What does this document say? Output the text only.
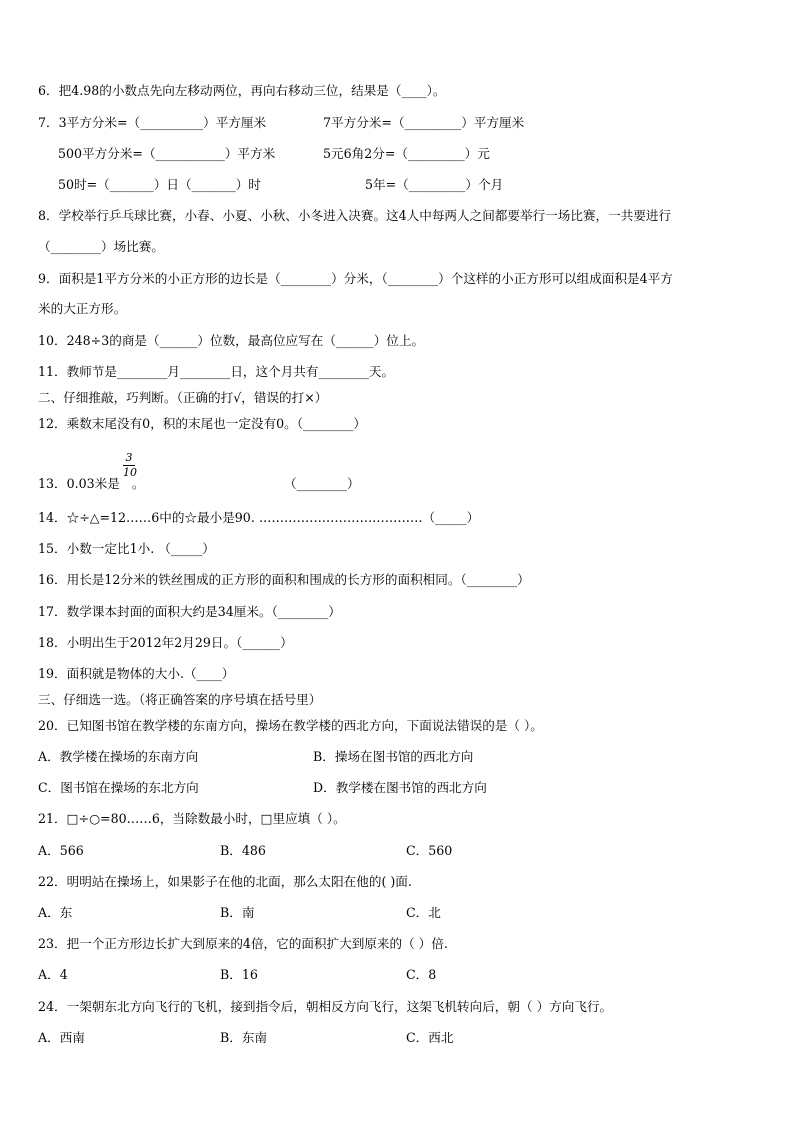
6．把4.98的小数点先向左移动两位，再向右移动三位，结果是（____）。
7．3平方分米=（__________）平方厘米	7平方分米=（_________）平方厘米
500平方分米=（___________）平方米	5元6角2分=（_________）元
50时=（_______）日（_______）时	5年=（_________）个月
8．学校举行乒乓球比赛，小春、小夏、小秋、小冬进入决赛。这4人中每两人之间都要举行一场比赛，一共要进行
（________）场比赛。
9．面积是1平方分米的小正方形的边长是（________）分米，（________）个这样的小正方形可以组成面积是4平方
米的大正方形。
10．248÷3的商是（______）位数，最高位应写在（______）位上。
11．教师节是________月________日，这个月共有________天。
二、仔细推敲，巧判断。（正确的打√，错误的打×）
12．乘数末尾没有0，积的末尾也一定没有0。（________）
13．0.03米是 。
3
10
（________）
14．☆÷△=12……6中的☆最小是90. …………………………………（_____）
15．小数一定比1小. （_____）
16．用长是12分米的铁丝围成的正方形的面积和围成的长方形的面积相同。（________）
17．数学课本封面的面积大约是34厘米。（________）
18．小明出生于2012年2月29日。（______）
19．面积就是物体的大小.（____）
三、仔细选一选。（将正确答案的序号填在括号里）
20．已知图书馆在教学楼的东南方向，操场在教学楼的西北方向，下面说法错误的是（ ）。
A．教学楼在操场的东南方向	B．操场在图书馆的西北方向
C．图书馆在操场的东北方向	D．教学楼在图书馆的西北方向
21．□÷○=80……6，当除数最小时，□里应填（ ）。
A．566	B．486	C．560
22．明明站在操场上，如果影子在他的北面，那么太阳在他的( )面.
A．东	B．南	C．北
23．把一个正方形边长扩大到原来的4倍，它的面积扩大到原来的（ ）倍.
A．4	B．16	C．8
24．一架朝东北方向飞行的飞机，接到指令后，朝相反方向飞行，这架飞机转向后，朝（ ）方向飞行。
A．西南	B．东南	C．西北
